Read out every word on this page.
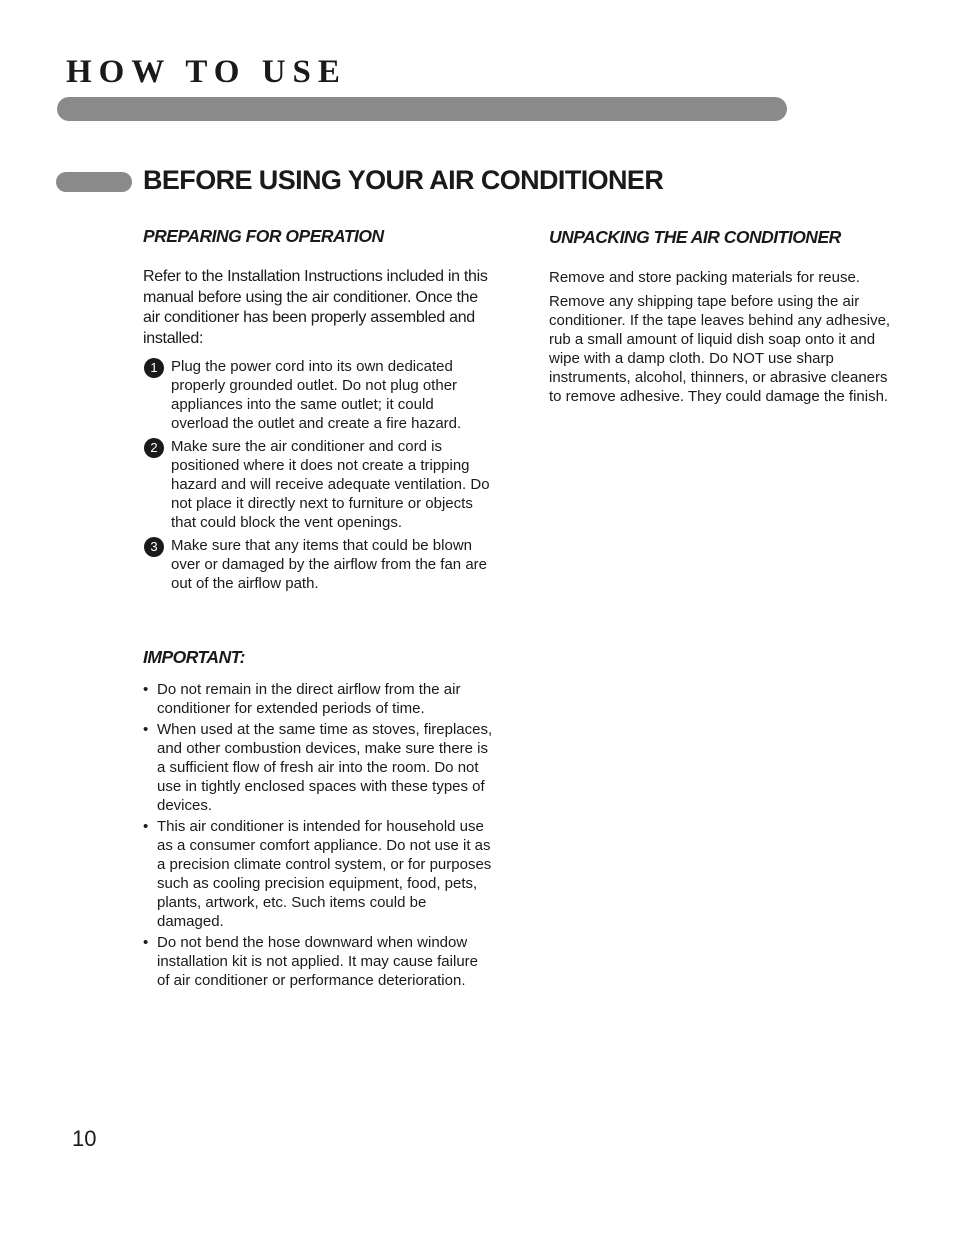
HOW TO USE
BEFORE USING YOUR AIR CONDITIONER
PREPARING FOR OPERATION

Refer to the Installation Instructions included in this manual before using the air conditioner. Once the air conditioner has been properly assembled and installed:

1 Plug the power cord into its own dedicated properly grounded outlet. Do not plug other appliances into the same outlet; it could overload the outlet and create a fire hazard.
2 Make sure the air conditioner and cord is positioned where it does not create a tripping hazard and will receive adequate ventilation. Do not place it directly next to furniture or objects that could block the vent openings.
3 Make sure that any items that could be blown over or damaged by the airflow from the fan are out of the airflow path.
IMPORTANT:
• Do not remain in the direct airflow from the air conditioner for extended periods of time.
• When used at the same time as stoves, fireplaces, and other combustion devices, make sure there is a sufficient flow of fresh air into the room. Do not use in tightly enclosed spaces with these types of devices.
• This air conditioner is intended for household use as a consumer comfort appliance. Do not use it as a precision climate control system, or for purposes such as cooling precision equipment, food, pets, plants, artwork, etc. Such items could be damaged.
• Do not bend the hose downward when window installation kit is not applied. It may cause failure of air conditioner or performance deterioration.
UNPACKING THE AIR CONDITIONER

Remove and store packing materials for reuse.

Remove any shipping tape before using the air conditioner. If the tape leaves behind any adhesive, rub a small amount of liquid dish soap onto it and wipe with a damp cloth. Do NOT use sharp instruments, alcohol, thinners, or abrasive cleaners to remove adhesive. They could damage the finish.

10
